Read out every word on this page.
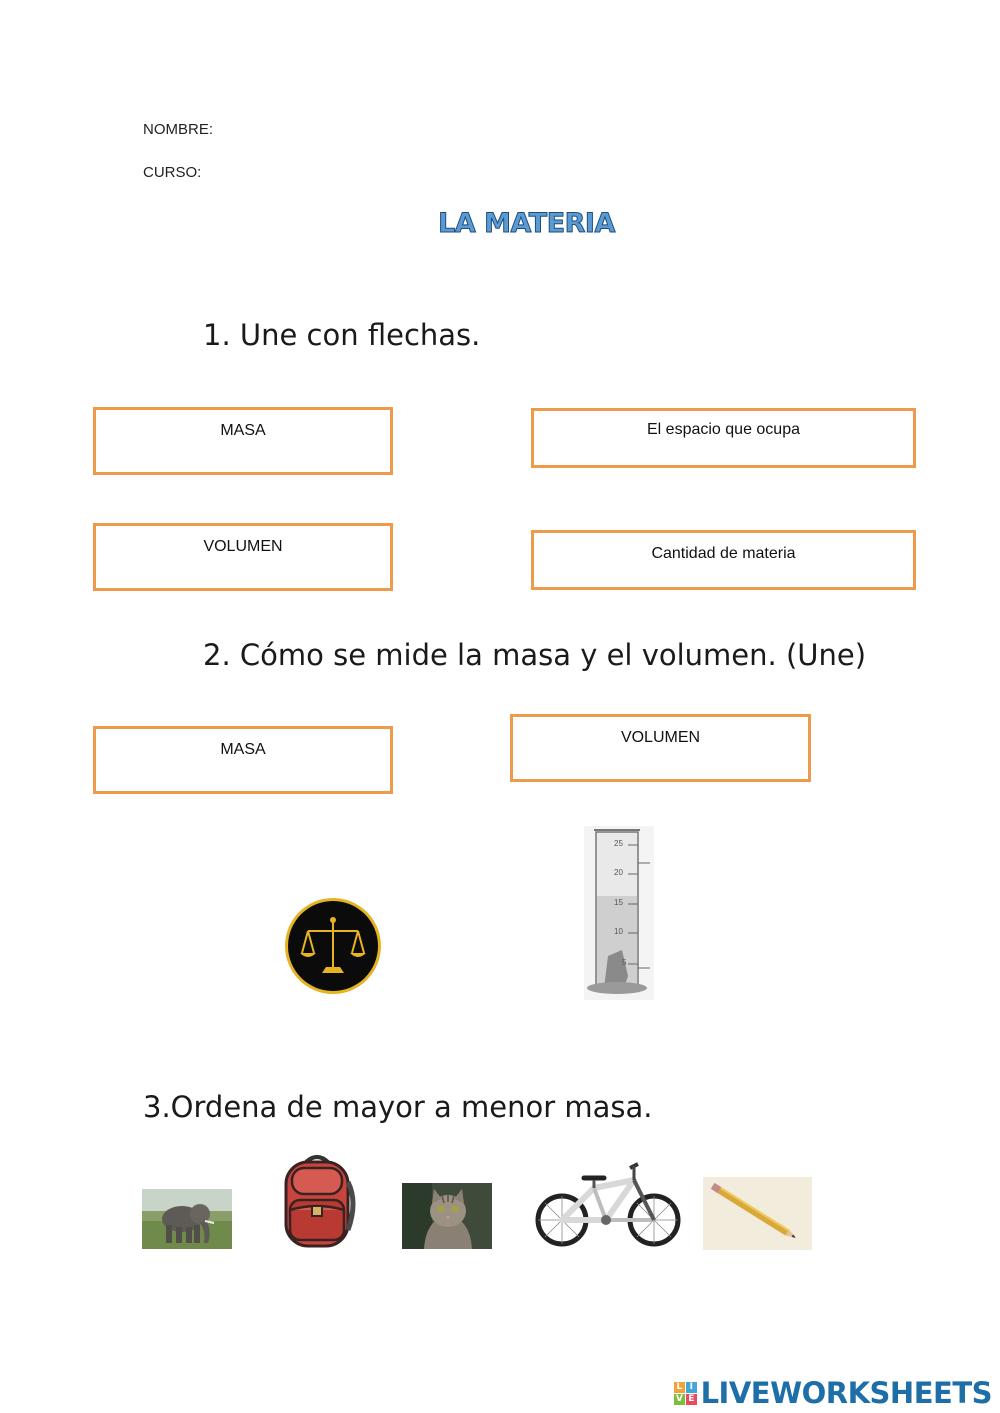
NOMBRE:
CURSO:
LA MATERIA
1. Une con flechas.
MASA	El espacio que ocupa
VOLUMEN	Cantidad de materia
2. Cómo se mide la masa y el volumen. (Une)
MASA
VOLUMEN
25
20
15
10
5
3.Ordena de mayor a menor masa.
L I
V E LIVEWORKSHEETS
